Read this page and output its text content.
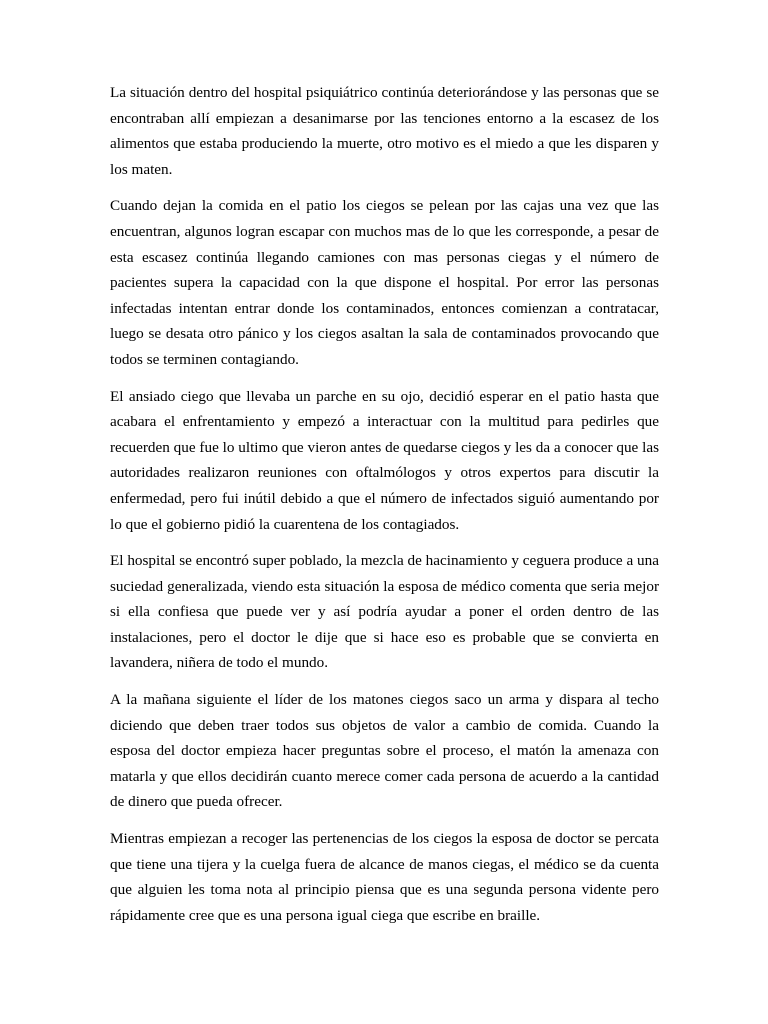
La situación dentro del hospital psiquiátrico continúa deteriorándose y las personas que se encontraban allí empiezan a desanimarse por las tenciones entorno a la escasez de los alimentos que estaba produciendo la muerte, otro motivo es el miedo a que les disparen y los maten.

Cuando dejan la comida en el patio los ciegos se pelean por las cajas una vez que las encuentran, algunos logran escapar con muchos mas de lo que les corresponde, a pesar de esta escasez continúa llegando camiones con mas personas ciegas y el número de pacientes supera la capacidad con la que dispone el hospital. Por error las personas infectadas intentan entrar donde los contaminados, entonces comienzan a contratacar, luego se desata otro pánico y los ciegos asaltan la sala de contaminados provocando que todos se terminen contagiando.

El ansiado ciego que llevaba un parche en su ojo, decidió esperar en el patio hasta que acabara el enfrentamiento y empezó a interactuar con la multitud para pedirles que recuerden que fue lo ultimo que vieron antes de quedarse ciegos y les da a conocer que las autoridades realizaron reuniones con oftalmólogos y otros expertos para discutir la enfermedad, pero fui inútil debido a que el número de infectados siguió aumentando por lo que el gobierno pidió la cuarentena de los contagiados.

El hospital se encontró super poblado, la mezcla de hacinamiento y ceguera produce a una suciedad generalizada, viendo esta situación la esposa de médico comenta que seria mejor si ella confiesa que puede ver y así podría ayudar a poner el orden dentro de las instalaciones, pero el doctor le dije que si hace eso es probable que se convierta en lavandera, niñera de todo el mundo.

A la mañana siguiente el líder de los matones ciegos saco un arma y dispara al techo diciendo que deben traer todos sus objetos de valor a cambio de comida. Cuando la esposa del doctor empieza hacer preguntas sobre el proceso, el matón la amenaza con matarla y que ellos decidirán cuanto merece comer cada persona de acuerdo a la cantidad de dinero que pueda ofrecer.

Mientras empiezan a recoger las pertenencias de los ciegos la esposa de doctor se percata que tiene una tijera y la cuelga fuera de alcance de manos ciegas, el médico se da cuenta que alguien les toma nota al principio piensa que es una segunda persona vidente pero rápidamente cree que es una persona igual ciega que escribe en braille.
